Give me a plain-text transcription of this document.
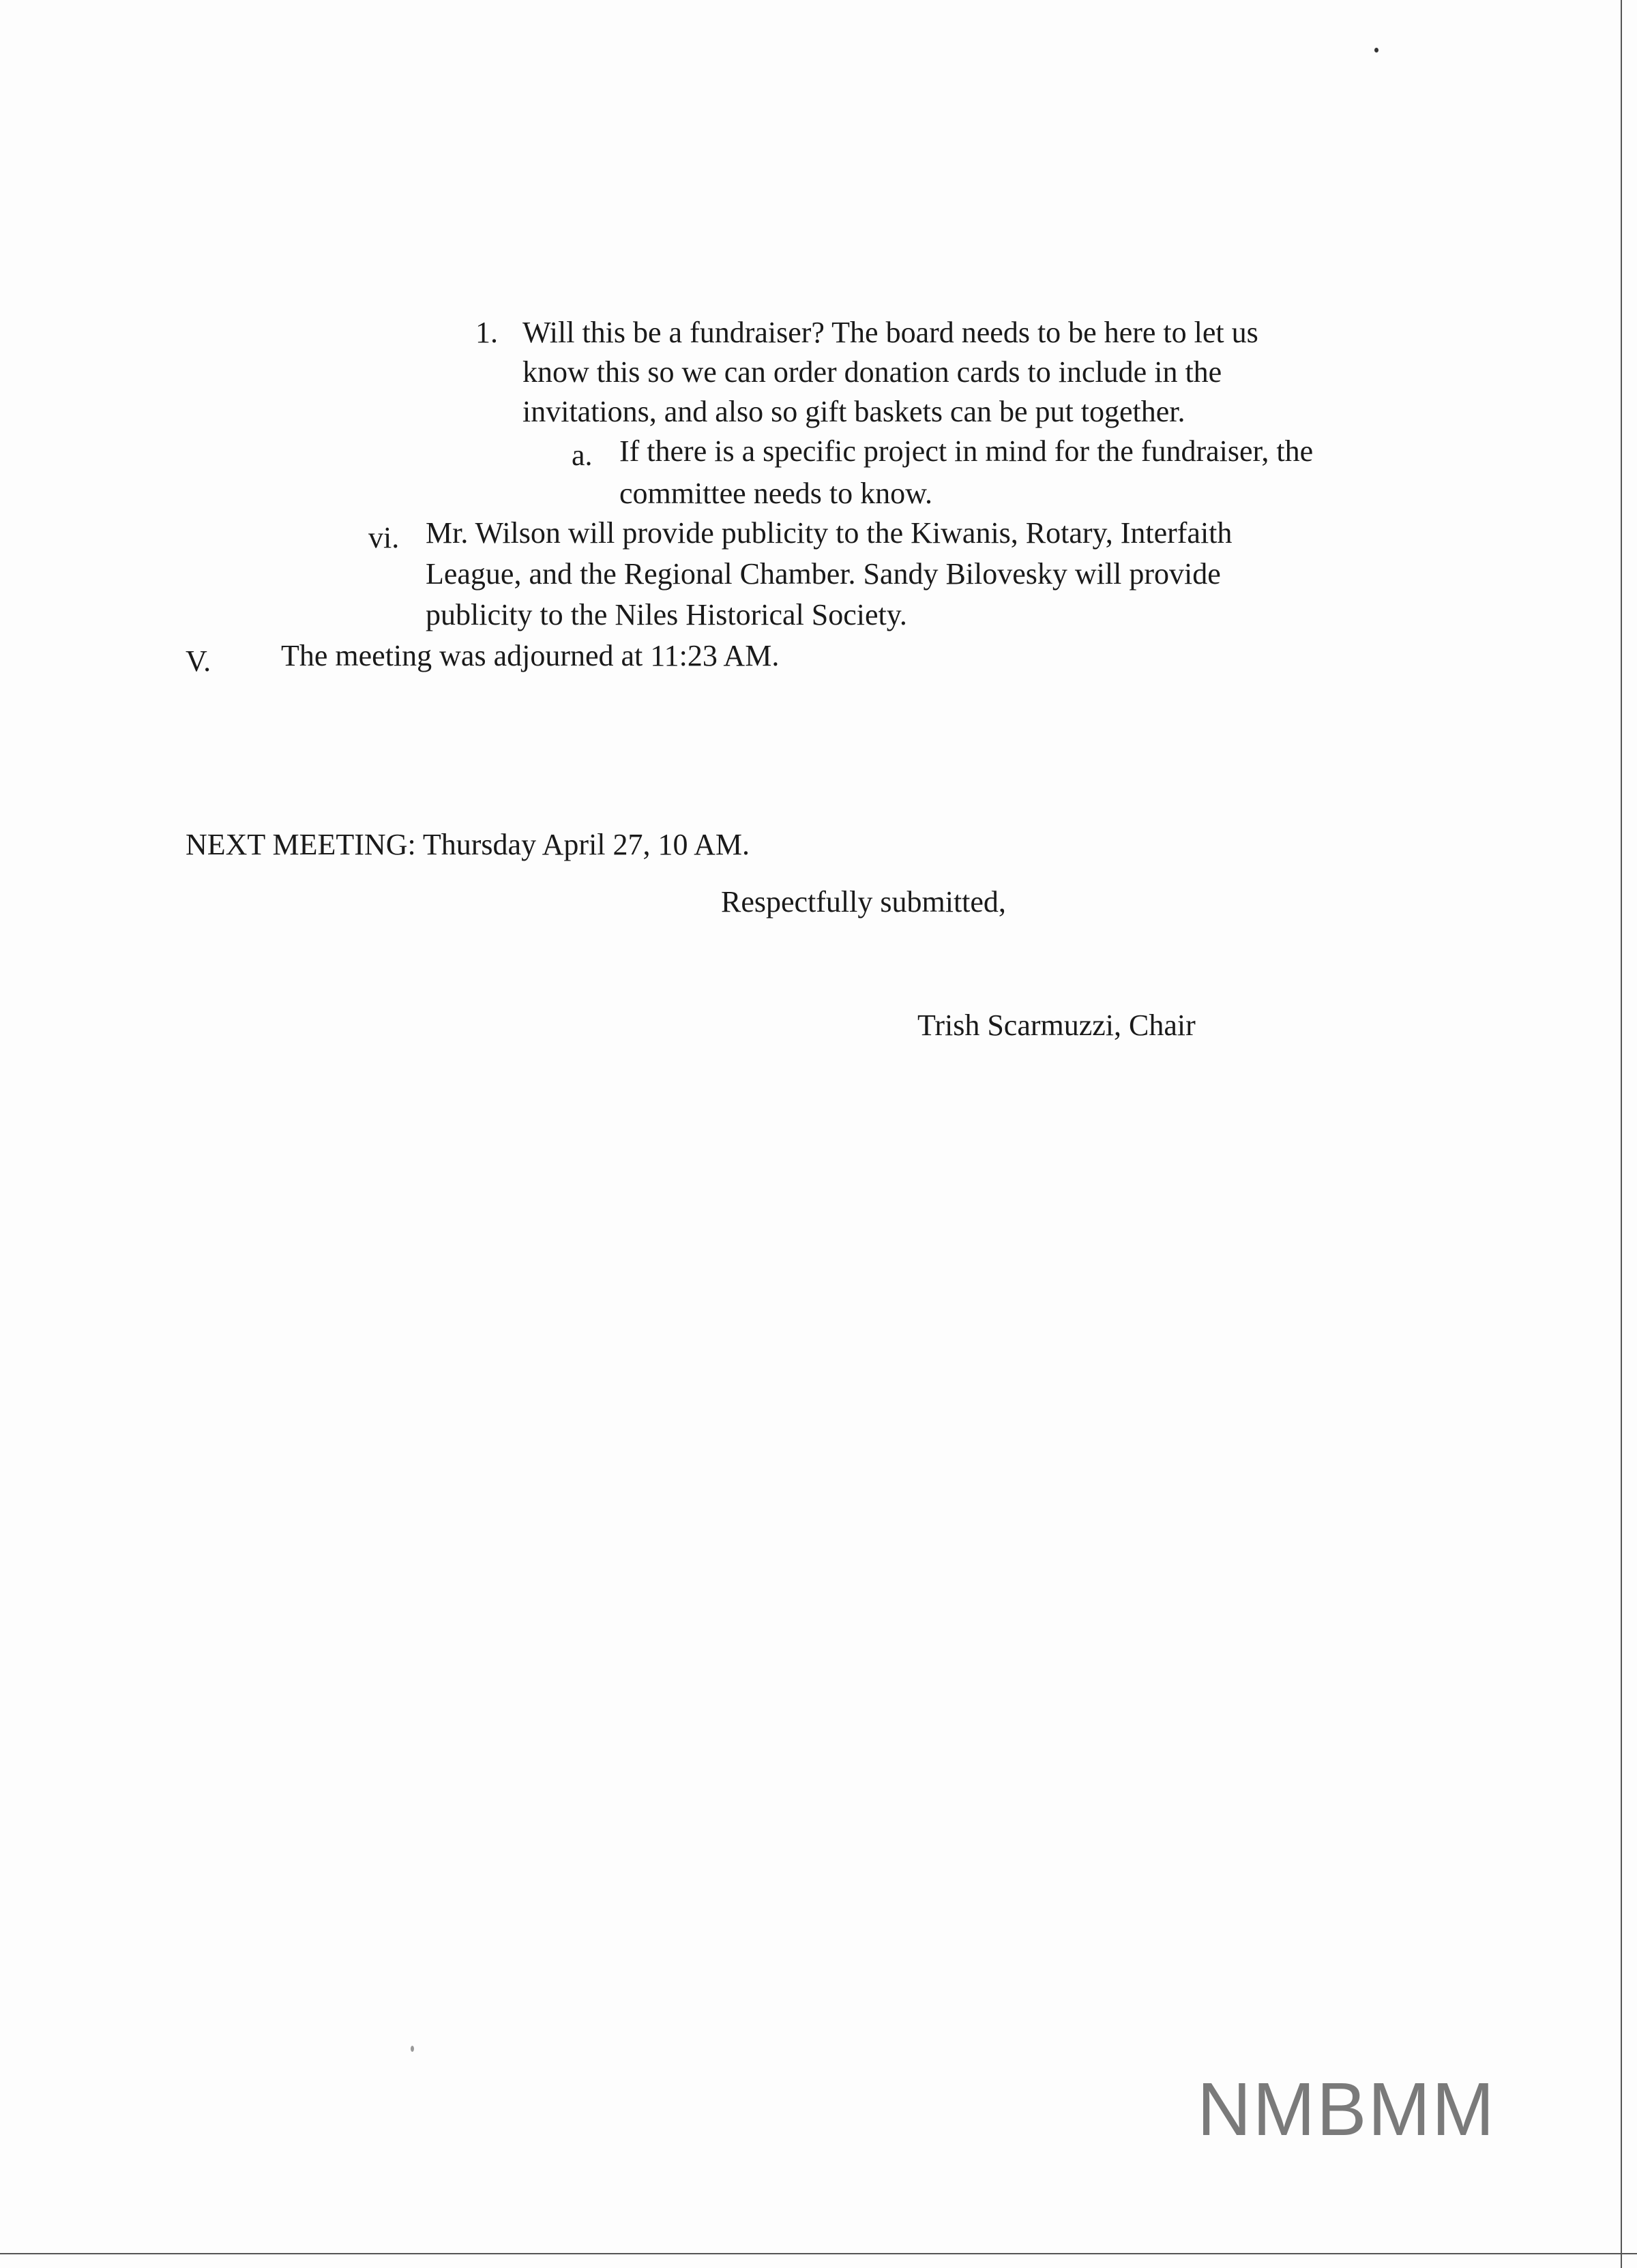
1. Will this be a fundraiser? The board needs to be here to let us
know this so we can order donation cards to include in the
invitations, and also so gift baskets can be put together.
a. If there is a specific project in mind for the fundraiser, the
committee needs to know.
vi. Mr. Wilson will provide publicity to the Kiwanis, Rotary, Interfaith
League, and the Regional Chamber. Sandy Bilovesky will provide
publicity to the Niles Historical Society.
V. The meeting was adjourned at 11:23 AM.
NEXT MEETING: Thursday April 27, 10 AM.
Respectfully submitted,
Trish Scarmuzzi, Chair
NMBMM
